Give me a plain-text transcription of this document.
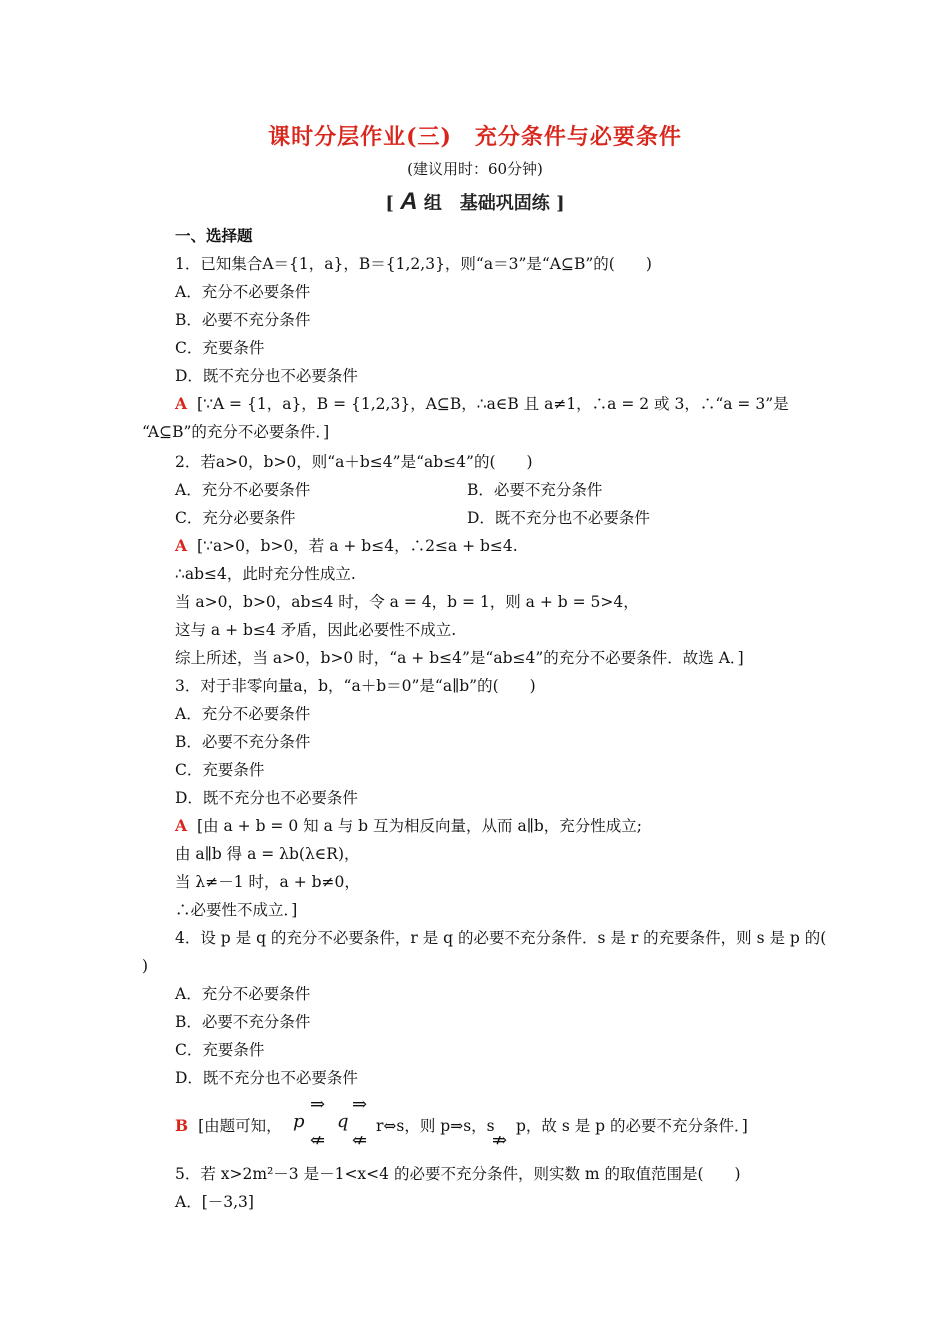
课时分层作业(三)　充分条件与必要条件
(建议用时：60分钟)
[ A 组　基础巩固练 ]
一、选择题
1．已知集合A＝{1，a}，B＝{1,2,3}，则“a＝3”是“A⊆B”的(　　)
A．充分不必要条件
B．必要不充分条件
C．充要条件
D．既不充分也不必要条件
A [∵A = {1，a}，B = {1,2,3}，A⊆B，∴a∈B 且 a≠1，∴a = 2 或 3，∴“a = 3”是
“A⊆B”的充分不必要条件．]
2．若a>0，b>0，则“a＋b≤4”是“ab≤4”的(　　)
A．充分不必要条件	B．必要不充分条件
C．充分必要条件	D．既不充分也不必要条件
A [∵a>0，b>0，若 a + b≤4，∴2≤a + b≤4.
∴ab≤4，此时充分性成立.
当 a>0，b>0，ab≤4 时，令 a = 4，b = 1，则 a + b = 5>4，
这与 a + b≤4 矛盾，因此必要性不成立.
综上所述，当 a>0，b>0 时，“a + b≤4”是“ab≤4”的充分不必要条件．故选 A．]
3．对于非零向量a，b，“a＋b＝0”是“a∥b”的(　　)
A．充分不必要条件
B．必要不充分条件
C．充要条件
D．既不充分也不必要条件
A [由 a + b = 0 知 a 与 b 互为相反向量，从而 a∥b，充分性成立;
由 a∥b 得 a = λb(λ∈R)，
当 λ≠－1 时，a + b≠0，
∴必要性不成立．]
4．设 p 是 q 的充分不必要条件，r 是 q 的必要不充分条件．s 是 r 的充要条件，则 s 是 p 的(
)
A．充分不必要条件
B．必要不充分条件
C．充要条件
D．既不充分也不必要条件
B [由题可知， p
⇒
⇍
q
⇒
⇍
r⇔s，则 p⇒s，s
⇏
p，故 s 是 p 的必要不充分条件．]
5．若 x>2m²－3 是－1<x<4 的必要不充分条件，则实数 m 的取值范围是(　　)
A．[－3,3]
